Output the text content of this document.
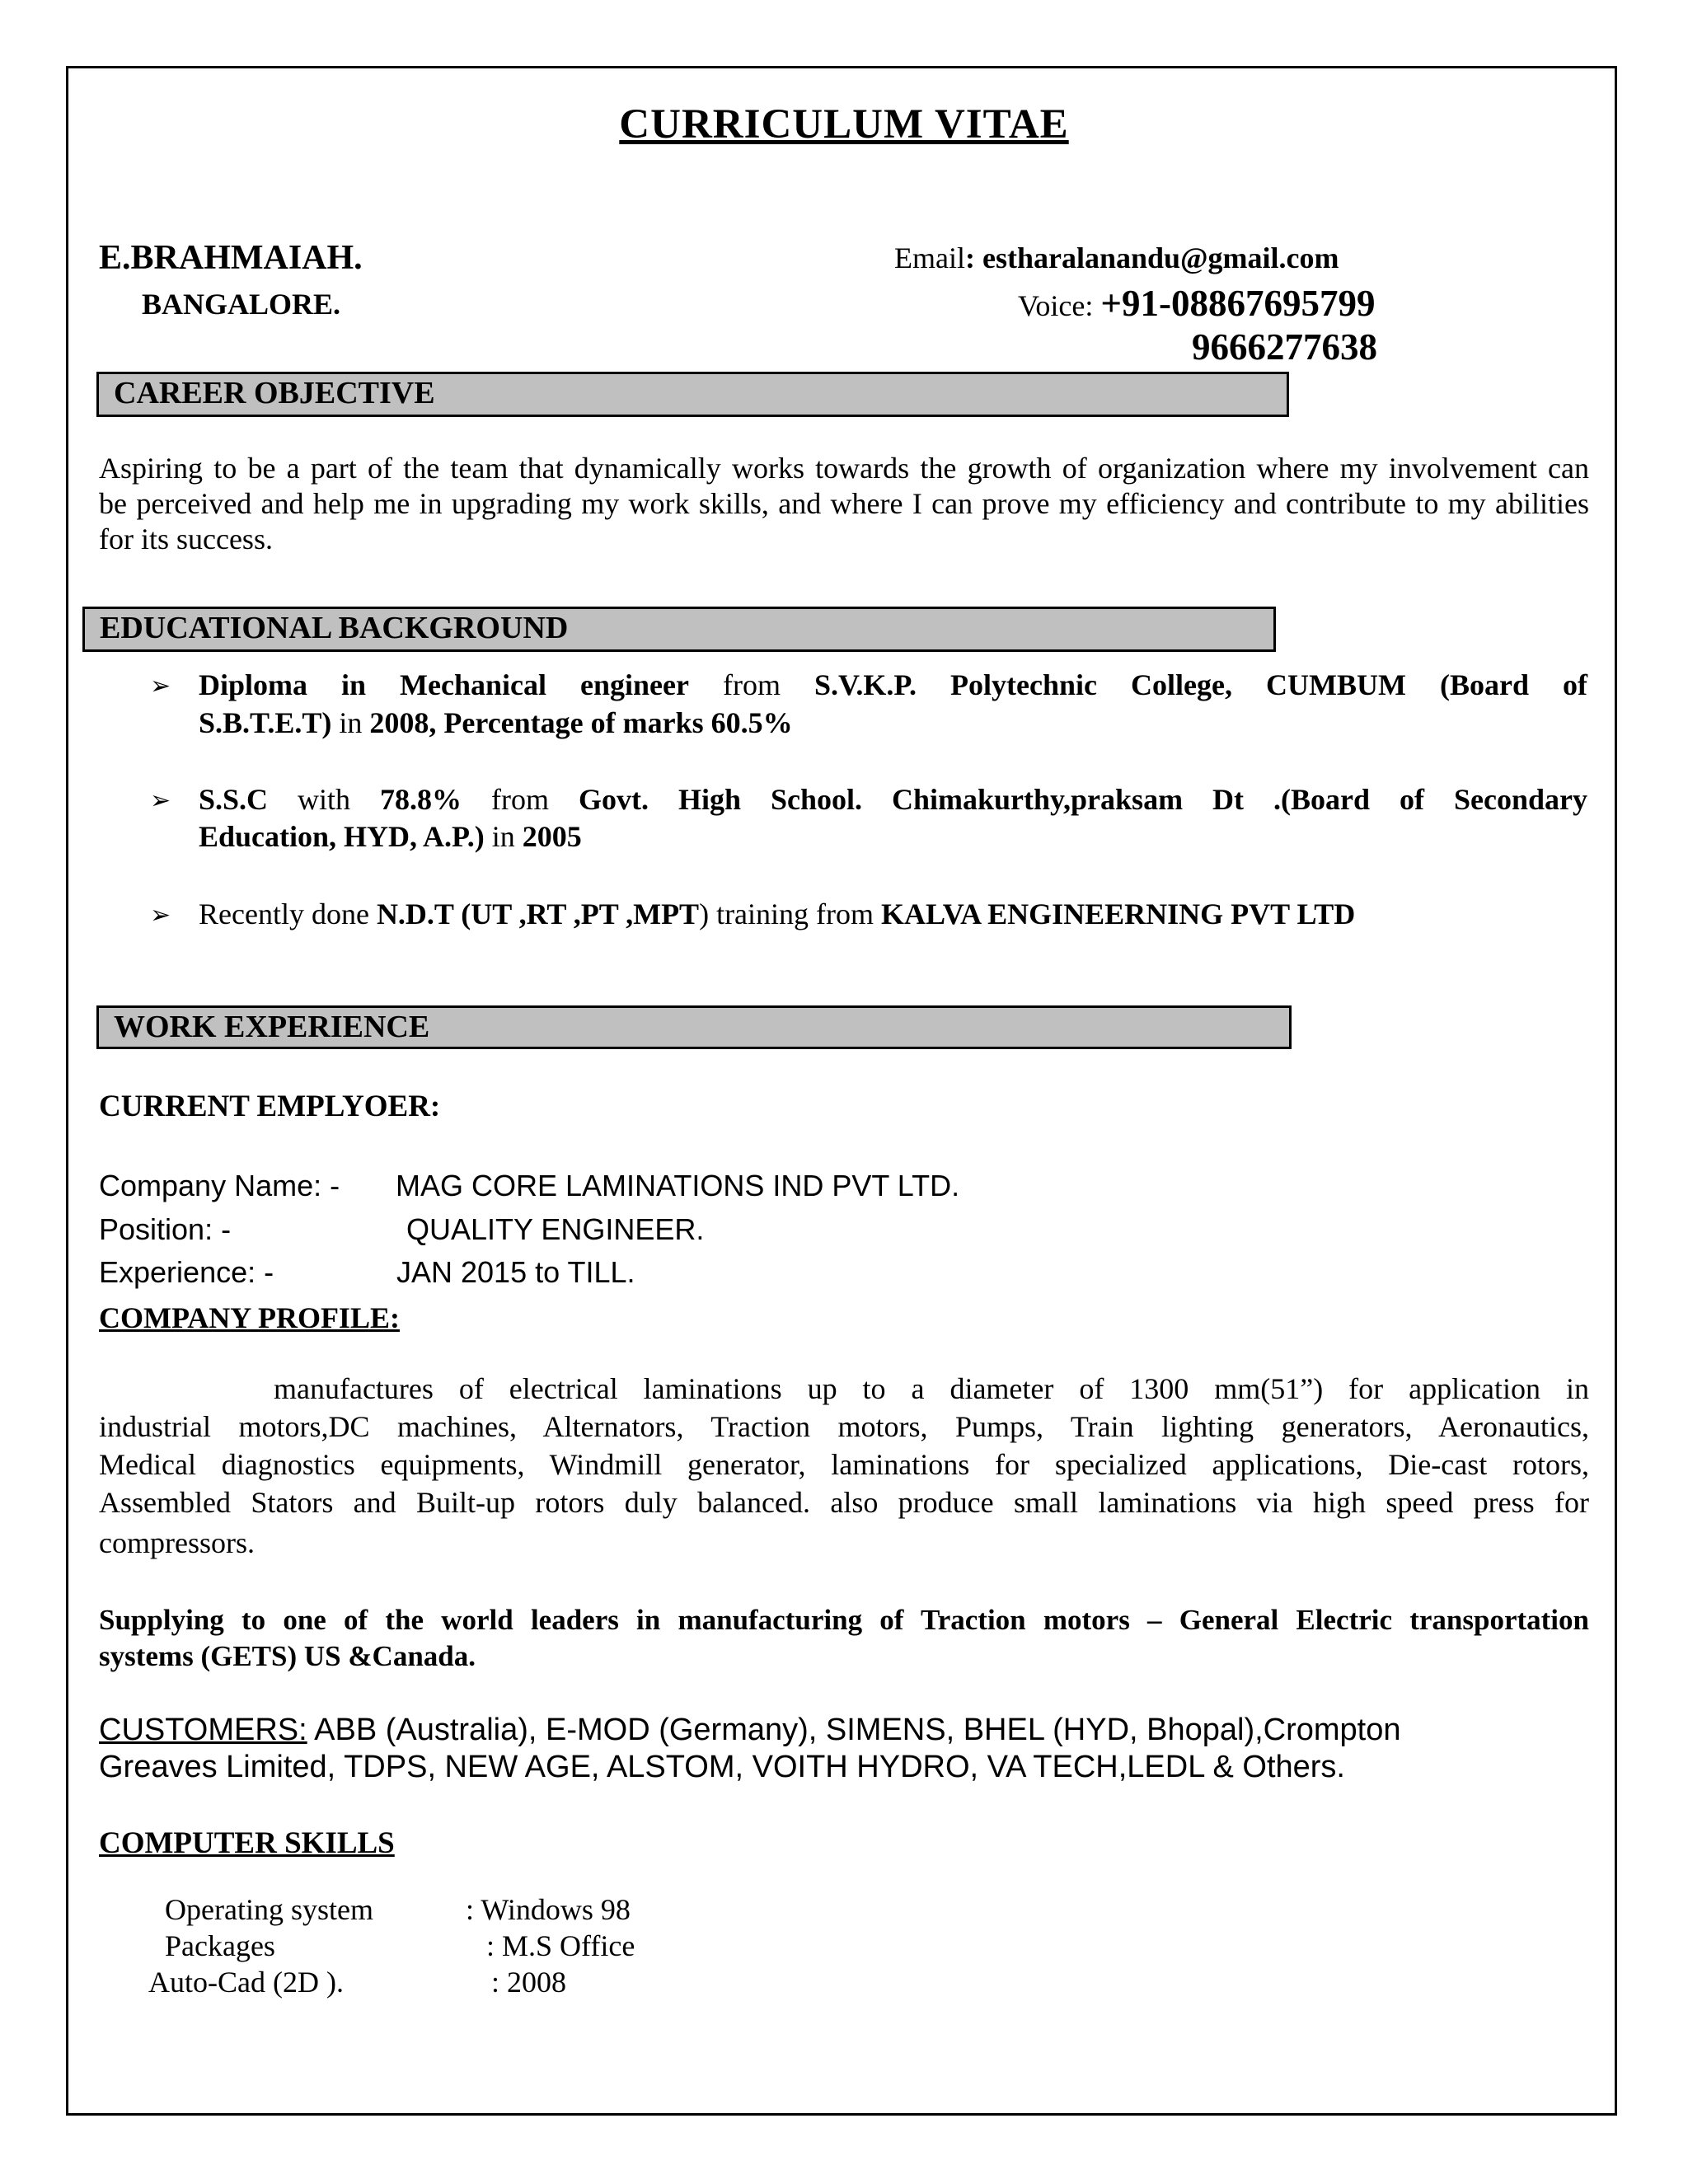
CURRICULUM VITAE
E.BRAHMAIAH.
BANGALORE.
Email: estharalanandu@gmail.com
Voice: +91-08867695799
9666277638
CAREER OBJECTIVE
Aspiring to be a part of the team that dynamically works towards the growth of organization where my involvement can
be perceived and help me in upgrading my work skills, and where I can prove my efficiency and contribute to my abilities
for its success.
EDUCATIONAL BACKGROUND
➢ Diploma in Mechanical engineer from S.V.K.P. Polytechnic College, CUMBUM (Board of
S.B.T.E.T) in 2008, Percentage of marks 60.5%
➢ S.S.C with 78.8% from Govt. High School. Chimakurthy,praksam Dt .(Board of Secondary
Education, HYD, A.P.) in 2005
➢ Recently done N.D.T (UT ,RT ,PT ,MPT) training from KALVA ENGINEERNING PVT LTD
WORK EXPERIENCE
CURRENT EMPLYOER:
Company Name: - MAG CORE LAMINATIONS IND PVT LTD.
Position: -	QUALITY ENGINEER.
Experience: -	JAN 2015 to TILL.
COMPANY PROFILE:
manufactures of electrical laminations up to a diameter of 1300 mm(51”) for application in
industrial motors,DC machines, Alternators, Traction motors, Pumps, Train lighting generators, Aeronautics,
Medical diagnostics equipments, Windmill generator, laminations for specialized applications, Die-cast rotors,
Assembled Stators and Built-up rotors duly balanced. also produce small laminations via high speed press for
compressors.
Supplying to one of the world leaders in manufacturing of Traction motors – General Electric transportation
systems (GETS) US &Canada.
CUSTOMERS: ABB (Australia), E-MOD (Germany), SIMENS, BHEL (HYD, Bhopal),Crompton
Greaves Limited, TDPS, NEW AGE, ALSTOM, VOITH HYDRO, VA TECH,LEDL & Others.
COMPUTER SKILLS
Operating system	: Windows 98
Packages	: M.S Office
Auto-Cad (2D ).	: 2008
